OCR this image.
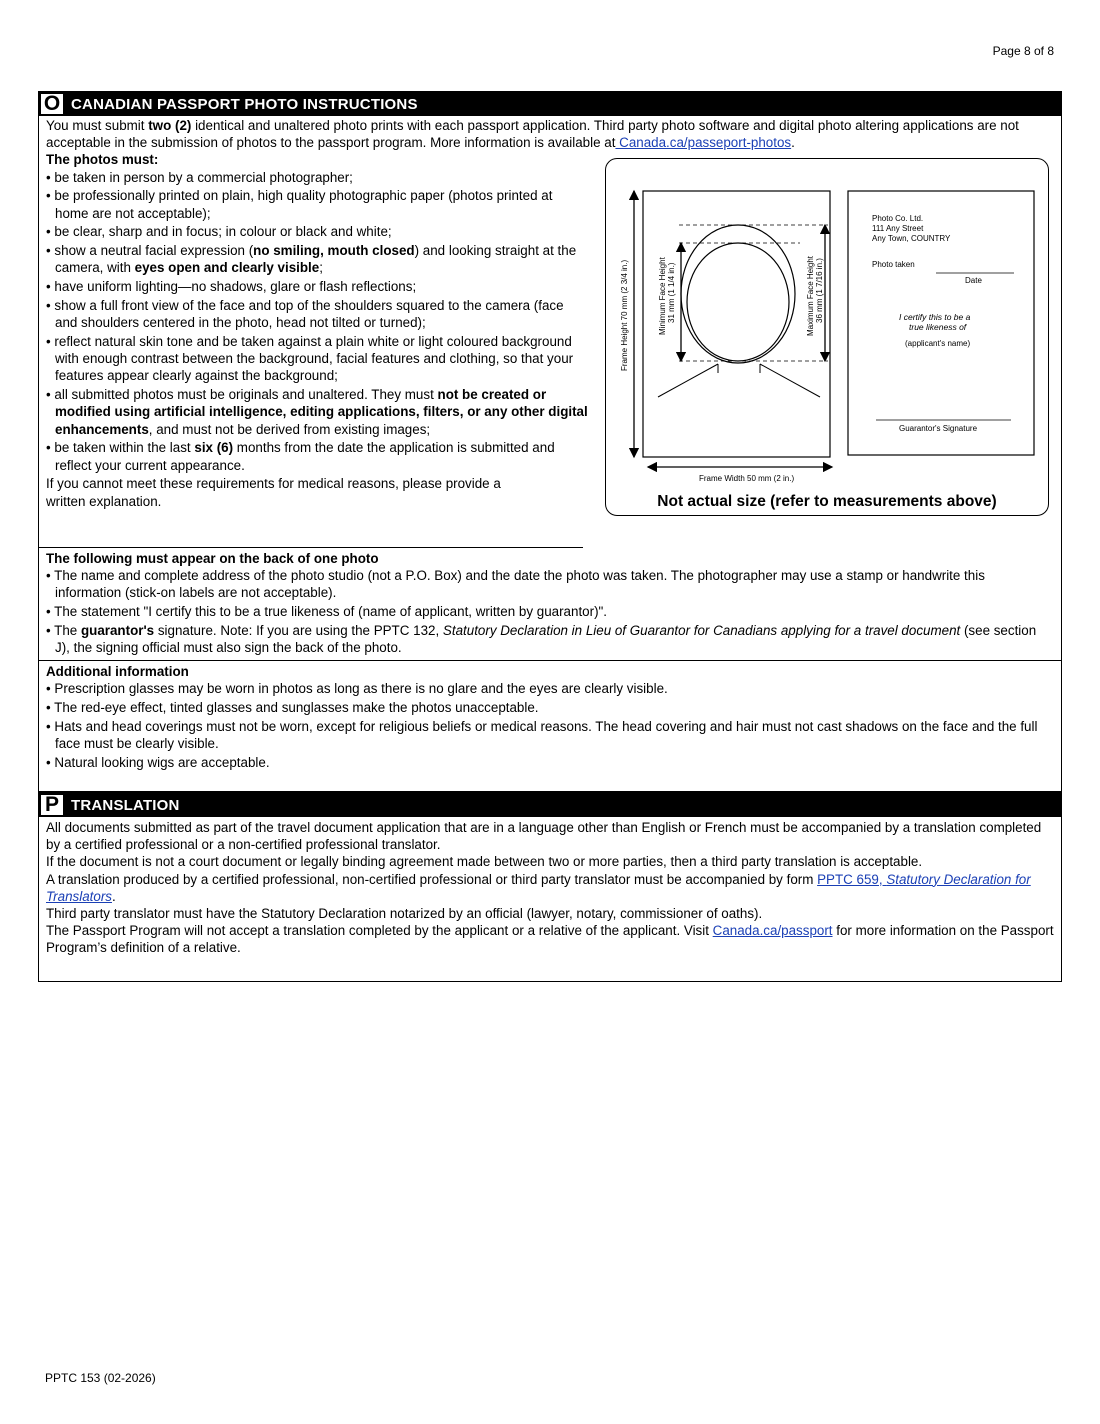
Page 8 of 8
O CANADIAN PASSPORT PHOTO INSTRUCTIONS

You must submit two (2) identical and unaltered photo prints with each passport application. Third party photo software and digital photo altering applications are not acceptable in the submission of photos to the passport program. More information is available at Canada.ca/passeport-photos.

The photos must:
• be taken in person by a commercial photographer;
• be professionally printed on plain, high quality photographic paper (photos printed at home are not acceptable);
• be clear, sharp and in focus; in colour or black and white;
• show a neutral facial expression (no smiling, mouth closed) and looking straight at the camera, with eyes open and clearly visible;
• have uniform lighting—no shadows, glare or flash reflections;
• show a full front view of the face and top of the shoulders squared to the camera (face and shoulders centered in the photo, head not tilted or turned);
• reflect natural skin tone and be taken against a plain white or light coloured background with enough contrast between the background, facial features and clothing, so that your features appear clearly against the background;
• all submitted photos must be originals and unaltered. They must not be created or modified using artificial intelligence, editing applications, filters, or any other digital enhancements, and must not be derived from existing images;
• be taken within the last six (6) months from the date the application is submitted and reflect your current appearance.

If you cannot meet these requirements for medical reasons, please provide a written explanation.

Frame Height 70 mm (2 3/4 in.)	Minimum Face Height 31 mm (1 1/4 in.)	Maximum Face Height 36 mm (1 7/16 in.)
Frame Width 50 mm (2 in.)
Photo Co. Ltd.
111 Any Street
Any Town, COUNTRY
Photo taken
Date
I certify this to be a
true likeness of
(applicant's name)
Guarantor's Signature
Not actual size (refer to measurements above)
The following must appear on the back of one photo
• The name and complete address of the photo studio (not a P.O. Box) and the date the photo was taken. The photographer may use a stamp or handwrite this information (stick-on labels are not acceptable).
• The statement "I certify this to be a true likeness of (name of applicant, written by guarantor)".
• The guarantor's signature. Note: If you are using the PPTC 132, Statutory Declaration in Lieu of Guarantor for Canadians applying for a travel document (see section J), the signing official must also sign the back of the photo.
Additional information
• Prescription glasses may be worn in photos as long as there is no glare and the eyes are clearly visible.
• The red-eye effect, tinted glasses and sunglasses make the photos unacceptable.
• Hats and head coverings must not be worn, except for religious beliefs or medical reasons. The head covering and hair must not cast shadows on the face and the full face must be clearly visible.
• Natural looking wigs are acceptable.
P TRANSLATION

All documents submitted as part of the travel document application that are in a language other than English or French must be accompanied by a translation completed by a certified professional or a non-certified professional translator.

If the document is not a court document or legally binding agreement made between two or more parties, then a third party translation is acceptable.

A translation produced by a certified professional, non-certified professional or third party translator must be accompanied by form PPTC 659, Statutory Declaration for Translators.

Third party translator must have the Statutory Declaration notarized by an official (lawyer, notary, commissioner of oaths).

The Passport Program will not accept a translation completed by the applicant or a relative of the applicant. Visit Canada.ca/passport for more information on the Passport Program’s definition of a relative.

PPTC 153 (02-2026)
